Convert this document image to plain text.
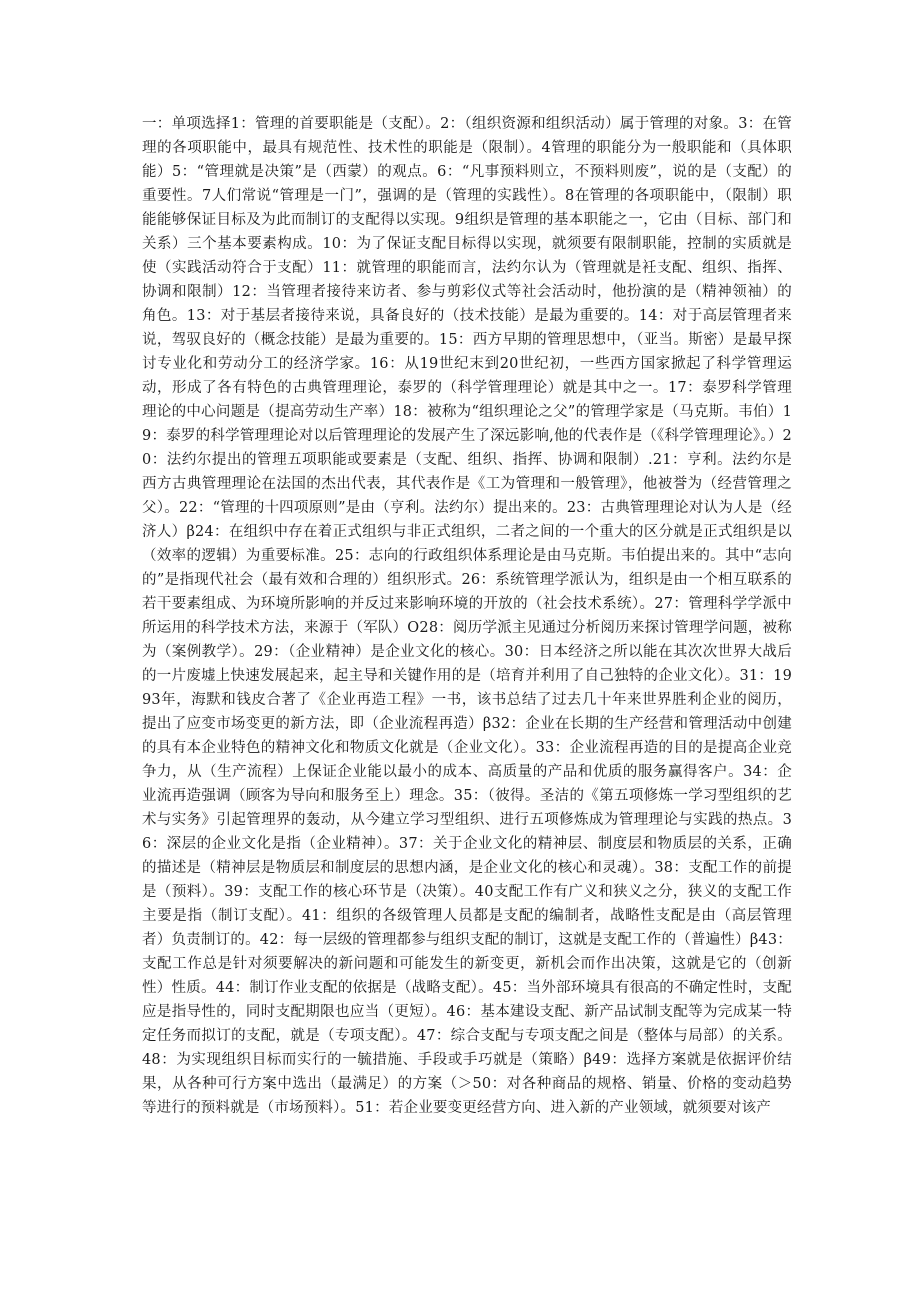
一：单项选择1：管理的首要职能是（支配）。2：（组织资源和组织活动）属于管理的对象。3：在管理的各项职能中，最具有规范性、技术性的职能是（限制）。4管理的职能分为一般职能和（具体职能）5：“管理就是决策”是（西蒙）的观点。6：“凡事预料则立，不预料则废”，说的是（支配）的重要性。7人们常说“管理是一门”，强调的是（管理的实践性）。8在管理的各项职能中，（限制）职能能够保证目标及为此而制订的支配得以实现。9组织是管理的基本职能之一，它由（目标、部门和关系）三个基本要素构成。10：为了保证支配目标得以实现，就须要有限制职能，控制的实质就是使（实践活动符合于支配）11：就管理的职能而言，法约尔认为（管理就是衽支配、组织、指挥、协调和限制）12：当管理者接待来访者、参与剪彩仪式等社会活动时，他扮演的是（精神领袖）的角色。13：对于基层者接待来说，具备良好的（技术技能）是最为重要的。14：对于高层管理者来说，驾驭良好的（概念技能）是最为重要的。15：西方早期的管理思想中，（亚当。斯密）是最早探讨专业化和劳动分工的经济学家。16：从19世纪末到20世纪初，一些西方国家掀起了科学管理运动，形成了各有特色的古典管理理论，泰罗的（科学管理理论）就是其中之一。17：泰罗科学管理理论的中心问题是（提高劳动生产率）18：被称为“组织理论之父”的管理学家是（马克斯。韦伯）19：泰罗的科学管理理论对以后管理理论的发展产生了深远影响,他的代表作是（《科学管理理论》。）20：法约尔提出的管理五项职能或要素是（支配、组织、指挥、协调和限制）.21：亨利。法约尔是西方古典管理理论在法国的杰出代表，其代表作是《工为管理和一般管理》，他被誉为（经营管理之父）。22：“管理的十四项原则”是由（亨利。法约尔）提出来的。23：古典管理理论对认为人是（经济人）β24：在组织中存在着正式组织与非正式组织，二者之间的一个重大的区分就是正式组织是以（效率的逻辑）为重要标准。25：志向的行政组织体系理论是由马克斯。韦伯提出来的。其中“志向的”是指现代社会（最有效和合理的）组织形式。26：系统管理学派认为，组织是由一个相互联系的若干要素组成、为环境所影响的并反过来影响环境的开放的（社会技术系统）。27：管理科学学派中所运用的科学技术方法，来源于（军队）O28：阅历学派主见通过分析阅历来探讨管理学问题，被称为（案例教学）。29：（企业精神）是企业文化的核心。30：日本经济之所以能在其次次世界大战后的一片废墟上快速发展起来，起主导和关键作用的是（培育并利用了自己独特的企业文化）。31：1993年，海默和钱皮合著了《企业再造工程》一书，该书总结了过去几十年来世界胜利企业的阅历，提出了应变市场变更的新方法，即（企业流程再造）β32：企业在长期的生产经营和管理活动中创建的具有本企业特色的精神文化和物质文化就是（企业文化）。33：企业流程再造的目的是提高企业竞争力，从（生产流程）上保证企业能以最小的成本、高质量的产品和优质的服务赢得客户。34：企业流再造强调（顾客为导向和服务至上）理念。35：（彼得。圣洁的《第五项修炼一学习型组织的艺术与实务》引起管理界的轰动，从今建立学习型组织、进行五项修炼成为管理理论与实践的热点。36：深层的企业文化是指（企业精神）。37：关于企业文化的精神层、制度层和物质层的关系，正确的描述是（精神层是物质层和制度层的思想内涵，是企业文化的核心和灵魂）。38：支配工作的前提是（预料）。39：支配工作的核心环节是（决策）。40支配工作有广义和狭义之分，狭义的支配工作主要是指（制订支配）。41：组织的各级管理人员都是支配的编制者，战略性支配是由（高层管理者）负责制订的。42：每一层级的管理都参与组织支配的制订，这就是支配工作的（普遍性）β43：支配工作总是针对须要解决的新问题和可能发生的新变更，新机会而作出决策，这就是它的（创新性）性质。44：制订作业支配的依据是（战略支配）。45：当外部环境具有很高的不确定性时，支配应是指导性的，同时支配期限也应当（更短）。46：基本建设支配、新产品试制支配等为完成某一特定任务而拟订的支配，就是（专项支配）。47：综合支配与专项支配之间是（整体与局部）的关系。48：为实现组织目标而实行的一毓措施、手段或手巧就是（策略）β49：选择方案就是依据评价结果，从各种可行方案中选出（最满足）的方案（＞50：对各种商品的规格、销量、价格的变动趋势等进行的预料就是（市场预料）。51：若企业要变更经营方向、进入新的产业领域，就须要对该产
